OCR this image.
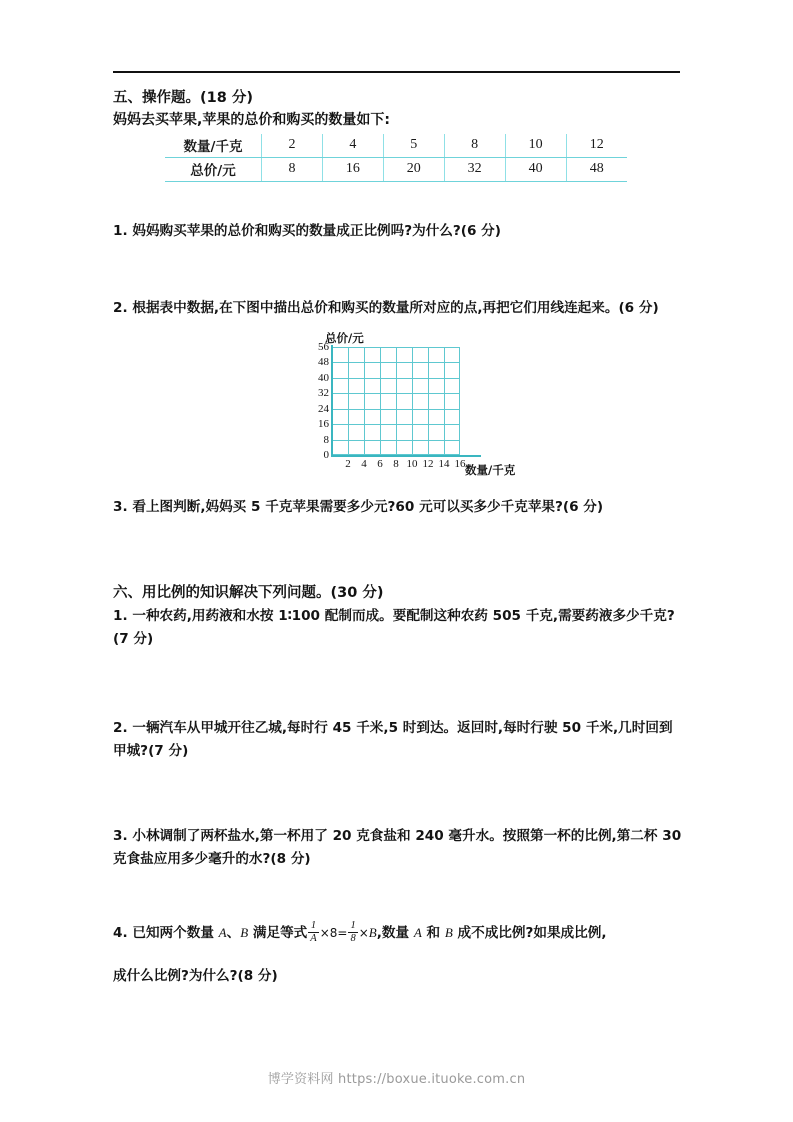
五、操作题。(18 分)
妈妈去买苹果,苹果的总价和购买的数量如下:
数量/千克	2	4	5	8	10	12
总价/元	8	16	20	32	40	48
1. 妈妈购买苹果的总价和购买的数量成正比例吗?为什么?(6 分)
2. 根据表中数据,在下图中描出总价和购买的数量所对应的点,再把它们用线连起来。(6 分)
总价/元
56
48
40
32
24
16
8
0
2 4 6 8 10 12 14 16 数量/千克
3. 看上图判断,妈妈买 5 千克苹果需要多少元?60 元可以买多少千克苹果?(6 分)
六、用比例的知识解决下列问题。(30 分)
1. 一种农药,用药液和水按 1∶100 配制而成。要配制这种农药 505 千克,需要药液多少千克?(7 分)
2. 一辆汽车从甲城开往乙城,每时行 45 千米,5 时到达。返回时,每时行驶 50 千米,几时回到甲城?(7 分)
3. 小林调制了两杯盐水,第一杯用了 20 克食盐和 240 毫升水。按照第一杯的比例,第二杯 30 克食盐应用多少毫升的水?(8 分)
4. 已知两个数量 A、B 满足等式 $\frac{1}{A} \times 8= \frac{1}{8} \times B$,数量 A 和 B 成不成比例?如果成比例,
成什么比例?为什么?(8 分)
博学资料网 https://boxue.ituoke.com.cn
